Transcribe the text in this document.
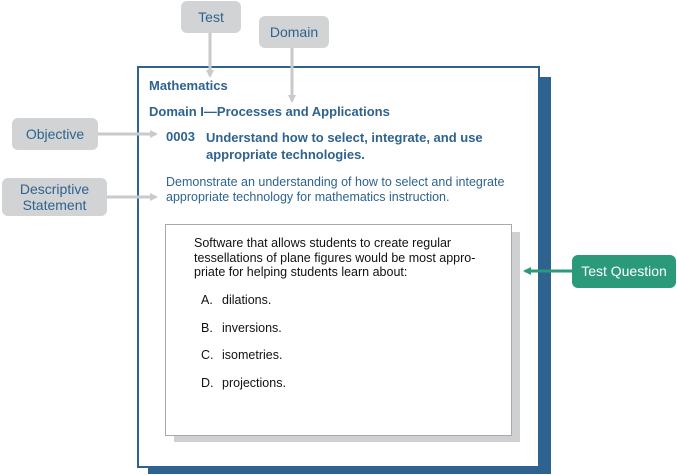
Mathematics
Domain I—Processes and Applications
0003 Understand how to select, integrate, and use
appropriate technologies.
Demonstrate an understanding of how to select and integrate
appropriate technology for mathematics instruction.
Software that allows students to create regular
tessellations of plane figures would be most appro-
priate for helping students learn about:
A. dilations.
B. inversions.
C. isometries.
D. projections.
Test
Domain
Objective
Descriptive
Statement
Test Question
